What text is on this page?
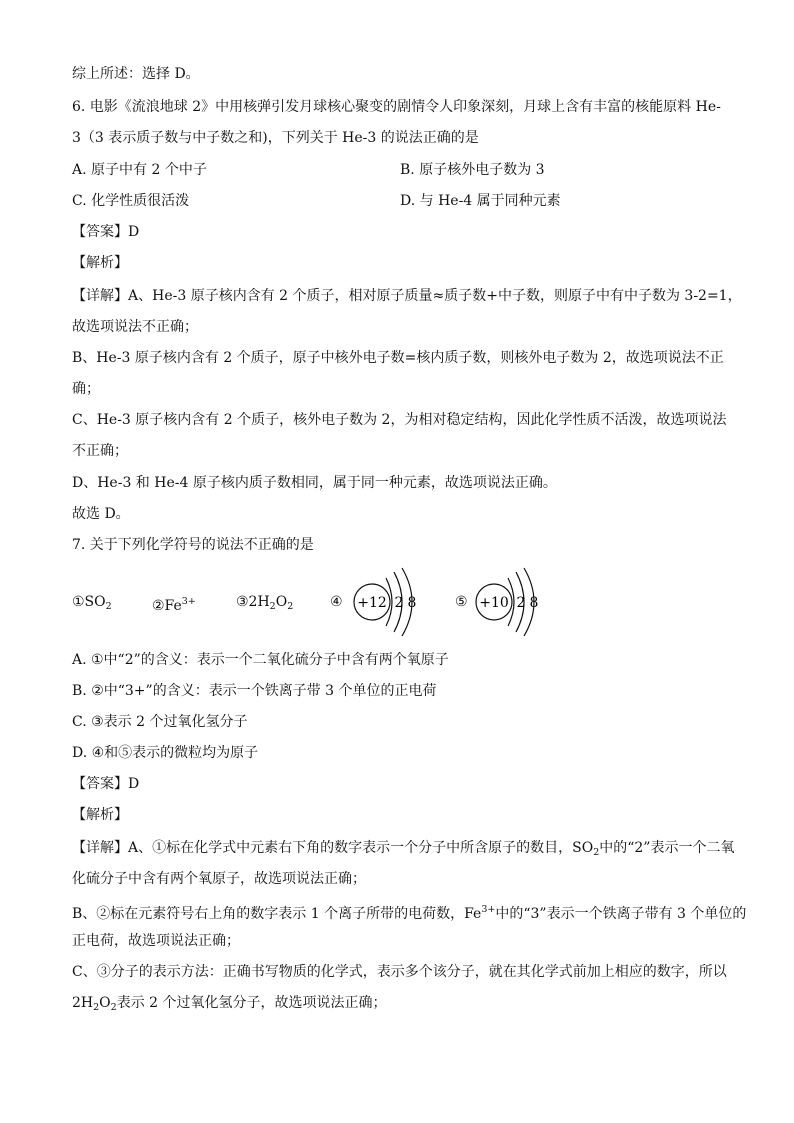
综上所述：选择 D。
6. 电影《流浪地球 2》中用核弹引发月球核心聚变的剧情令人印象深刻，月球上含有丰富的核能原料 He-
3（3 表示质子数与中子数之和)，下列关于 He-3 的说法正确的是
A. 原子中有 2 个中子	B. 原子核外电子数为 3
C. 化学性质很活泼	D. 与 He-4 属于同种元素
【答案】D
【解析】
【详解】A、He-3 原子核内含有 2 个质子，相对原子质量≈质子数+中子数，则原子中有中子数为 3-2=1，
故选项说法不正确；
B、He-3 原子核内含有 2 个质子，原子中核外电子数=核内质子数，则核外电子数为 2，故选项说法不正
确；
C、He-3 原子核内含有 2 个质子，核外电子数为 2，为相对稳定结构，因此化学性质不活泼，故选项说法
不正确；
D、He-3 和 He-4 原子核内质子数相同，属于同一种元素，故选项说法正确。
故选 D。
7. 关于下列化学符号的说法不正确的是
$①SO_2$	$②Fe^{3+}$	$③2H_2O_2$	④	⑤
+12 2 8	+10 2 8
A. ①中“2”的含义：表示一个二氧化硫分子中含有两个氧原子
B. ②中“3+”的含义：表示一个铁离子带 3 个单位的正电荷
C. ③表示 2 个过氧化氢分子
D. ④和⑤表示的微粒均为原子
【答案】D
【解析】
【详解】A、①标在化学式中元素右下角的数字表示一个分子中所含原子的数目，$SO_2$中的“2”表示一个二氧
化硫分子中含有两个氧原子，故选项说法正确；
B、②标在元素符号右上角的数字表示 1 个离子所带的电荷数，$Fe^{3+}$中的“3”表示一个铁离子带有 3 个单位的
正电荷，故选项说法正确；
C、③分子的表示方法：正确书写物质的化学式，表示多个该分子，就在其化学式前加上相应的数字，所以
$2H_2O_2$表示 2 个过氧化氢分子，故选项说法正确；
